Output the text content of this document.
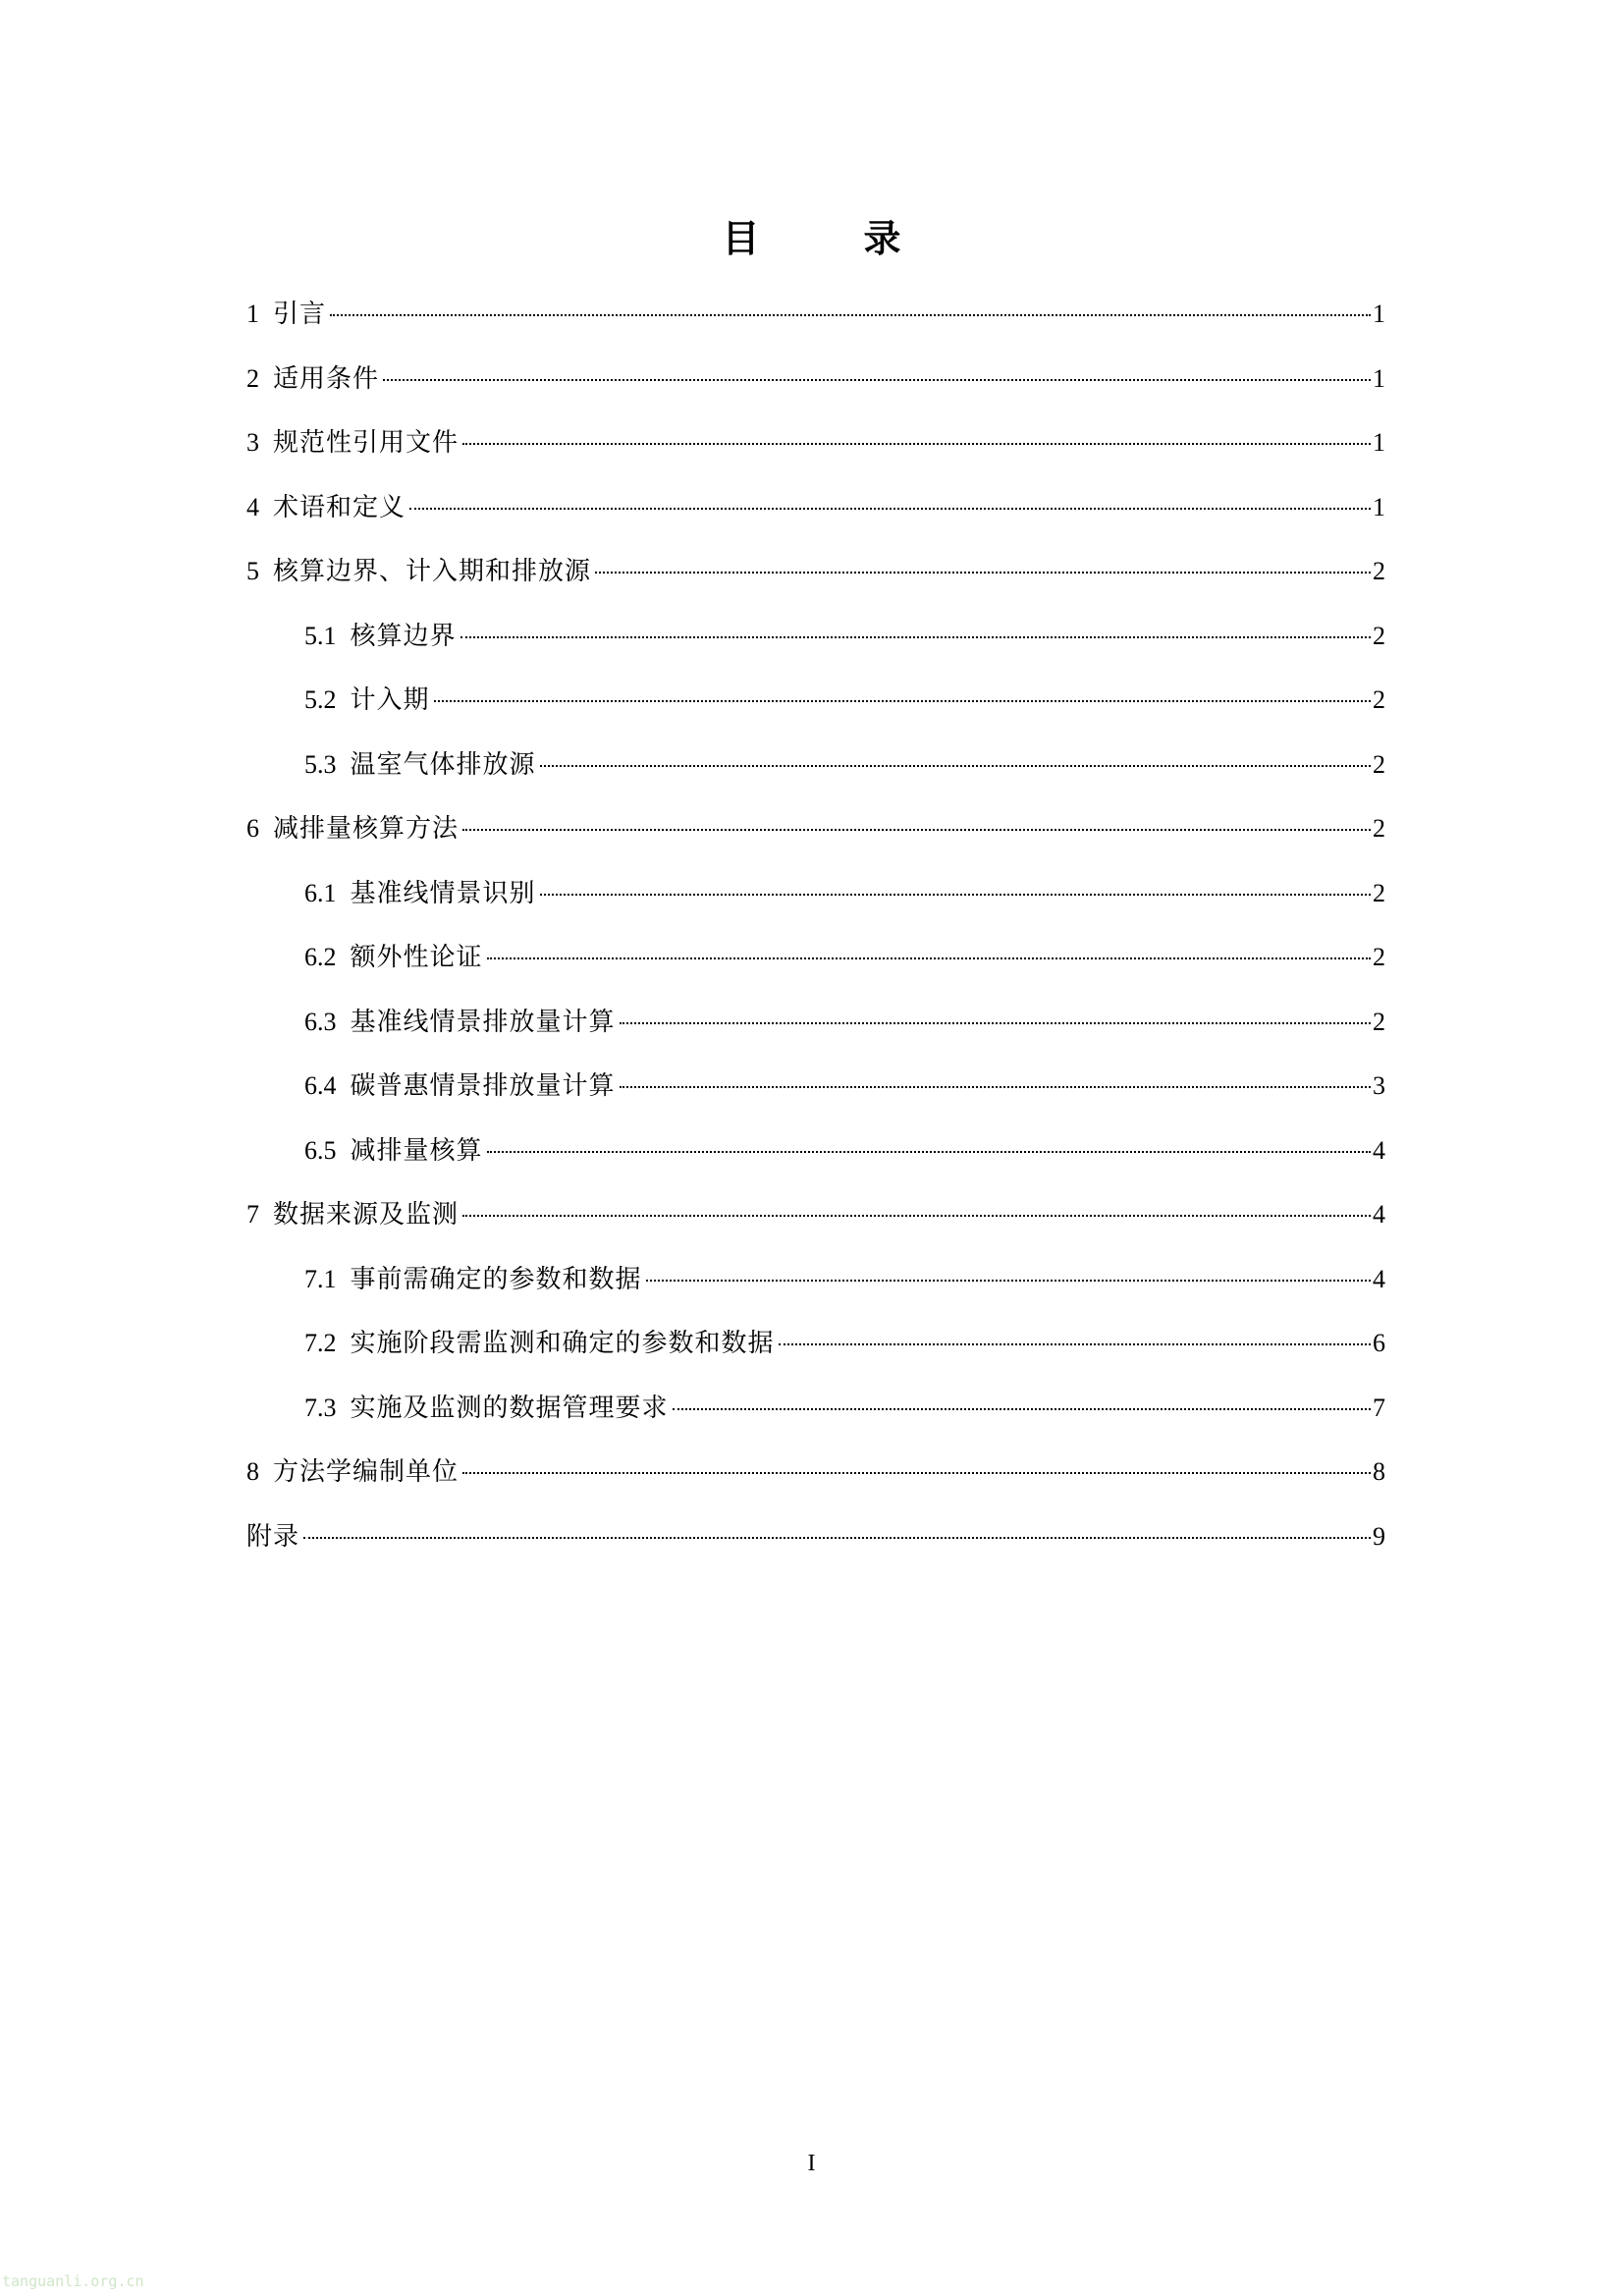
目　录
1 引言	1
2 适用条件	1
3 规范性引用文件	1
4 术语和定义	1
5 核算边界、计入期和排放源	2
5.1 核算边界	2
5.2 计入期	2
5.3 温室气体排放源	2
6 减排量核算方法	2
6.1 基准线情景识别	2
6.2 额外性论证	2
6.3 基准线情景排放量计算	2
6.4 碳普惠情景排放量计算	3
6.5 减排量核算	4
7 数据来源及监测	4
7.1 事前需确定的参数和数据	4
7.2 实施阶段需监测和确定的参数和数据	6
7.3 实施及监测的数据管理要求	7
8 方法学编制单位	8
附录	9
I
tanguanli.org.cn
